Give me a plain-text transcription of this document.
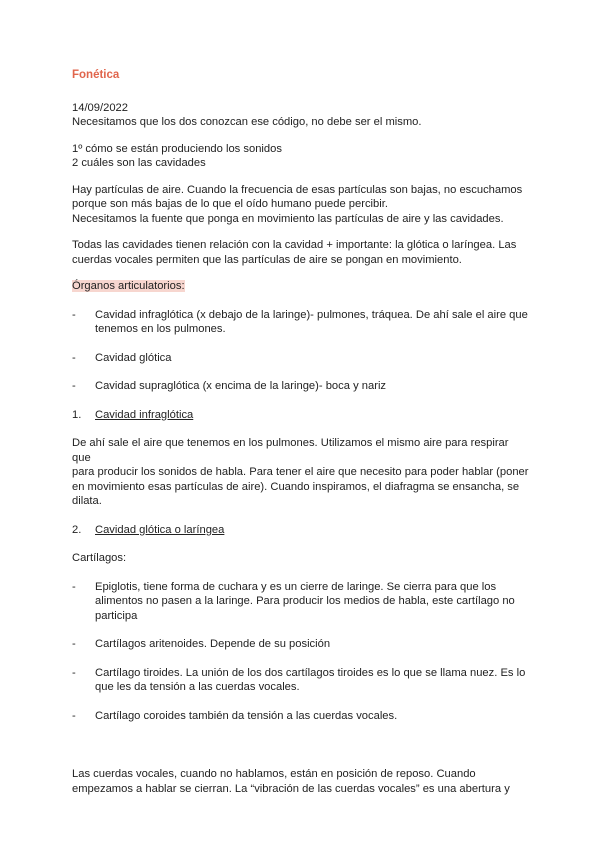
Fonética

14/09/2022

Necesitamos que los dos conozcan ese código, no debe ser el mismo.

1º cómo se están produciendo los sonidos

2 cuáles son las cavidades

Hay partículas de aire. Cuando la frecuencia de esas partículas son bajas, no escuchamos

porque son más bajas de lo que el oído humano puede percibir.

Necesitamos la fuente que ponga en movimiento las partículas de aire y las cavidades.

Todas las cavidades tienen relación con la cavidad + importante: la glótica o laríngea. Las

cuerdas vocales permiten que las partículas de aire se pongan en movimiento.

Órganos articulatorios:

- Cavidad infraglótica (x debajo de la laringe)- pulmones, tráquea. De ahí sale el aire que
tenemos en los pulmones.
- Cavidad glótica
- Cavidad supraglótica (x encima de la laringe)- boca y nariz
1. Cavidad infraglótica

De ahí sale el aire que tenemos en los pulmones. Utilizamos el mismo aire para respirar que

para producir los sonidos de habla. Para tener el aire que necesito para poder hablar (poner

en movimiento esas partículas de aire). Cuando inspiramos, el diafragma se ensancha, se

dilata.

2. Cavidad glótica o laríngea

Cartílagos:

- Epiglotis, tiene forma de cuchara y es un cierre de laringe. Se cierra para que los
alimentos no pasen a la laringe. Para producir los medios de habla, este cartílago no
participa
- Cartílagos aritenoides. Depende de su posición
- Cartílago tiroides. La unión de los dos cartílagos tiroides es lo que se llama nuez. Es lo
que les da tensión a las cuerdas vocales.
- Cartílago coroides también da tensión a las cuerdas vocales.

Las cuerdas vocales, cuando no hablamos, están en posición de reposo. Cuando

empezamos a hablar se cierran. La “vibración de las cuerdas vocales” es una abertura y
